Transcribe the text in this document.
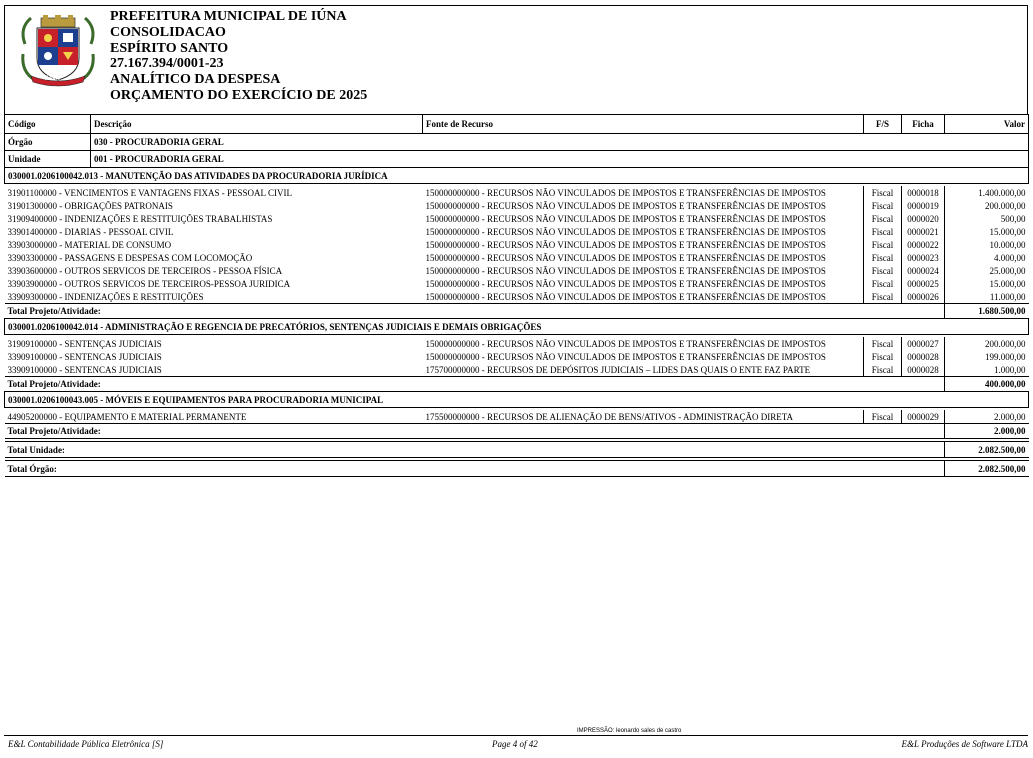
IÚNA
PREFEITURA MUNICIPAL DE IÚNA
CONSOLIDACAO
ESPÍRITO SANTO
27.167.394/0001-23
ANALÍTICO DA DESPESA
ORÇAMENTO DO EXERCÍCIO DE 2025
Código	Descrição	Fonte de Recurso	F/S	Ficha	Valor
Órgão	030 - PROCURADORIA GERAL				
Unidade	001 - PROCURADORIA GERAL				
030001.0206100042.013 - MANUTENÇÃO DAS ATIVIDADES DA PROCURADORIA JURÍDICA					

31901100000 - VENCIMENTOS E VANTAGENS FIXAS - PESSOAL CIVIL		150000000000 - RECURSOS NÃO VINCULADOS DE IMPOSTOS E TRANSFERÊNCIAS DE IMPOSTOS	Fiscal	0000018	1.400.000,00
31901300000 - OBRIGAÇÕES PATRONAIS		150000000000 - RECURSOS NÃO VINCULADOS DE IMPOSTOS E TRANSFERÊNCIAS DE IMPOSTOS	Fiscal	0000019	200.000,00
31909400000 - INDENIZAÇÕES E RESTITUIÇÕES TRABALHISTAS		150000000000 - RECURSOS NÃO VINCULADOS DE IMPOSTOS E TRANSFERÊNCIAS DE IMPOSTOS	Fiscal	0000020	500,00
33901400000 - DIARIAS - PESSOAL CIVIL		150000000000 - RECURSOS NÃO VINCULADOS DE IMPOSTOS E TRANSFERÊNCIAS DE IMPOSTOS	Fiscal	0000021	15.000,00
33903000000 - MATERIAL DE CONSUMO		150000000000 - RECURSOS NÃO VINCULADOS DE IMPOSTOS E TRANSFERÊNCIAS DE IMPOSTOS	Fiscal	0000022	10.000,00
33903300000 - PASSAGENS E DESPESAS COM LOCOMOÇÃO		150000000000 - RECURSOS NÃO VINCULADOS DE IMPOSTOS E TRANSFERÊNCIAS DE IMPOSTOS	Fiscal	0000023	4.000,00
33903600000 - OUTROS SERVICOS DE TERCEIROS - PESSOA FÍSICA		150000000000 - RECURSOS NÃO VINCULADOS DE IMPOSTOS E TRANSFERÊNCIAS DE IMPOSTOS	Fiscal	0000024	25.000,00
33903900000 - OUTROS SERVICOS DE TERCEIROS-PESSOA JURIDICA		150000000000 - RECURSOS NÃO VINCULADOS DE IMPOSTOS E TRANSFERÊNCIAS DE IMPOSTOS	Fiscal	0000025	15.000,00
33909300000 - INDENIZAÇÕES E RESTITUIÇÕES		150000000000 - RECURSOS NÃO VINCULADOS DE IMPOSTOS E TRANSFERÊNCIAS DE IMPOSTOS	Fiscal	0000026	11.000,00
Total Projeto/Atividade:					1.680.500,00
030001.0206100042.014 - ADMINISTRAÇÃO E REGENCIA DE PRECATÓRIOS, SENTENÇAS JUDICIAIS E DEMAIS OBRIGAÇÕES					

31909100000 - SENTENÇAS JUDICIAIS		150000000000 - RECURSOS NÃO VINCULADOS DE IMPOSTOS E TRANSFERÊNCIAS DE IMPOSTOS	Fiscal	0000027	200.000,00
33909100000 - SENTENCAS JUDICIAIS		150000000000 - RECURSOS NÃO VINCULADOS DE IMPOSTOS E TRANSFERÊNCIAS DE IMPOSTOS	Fiscal	0000028	199.000,00
33909100000 - SENTENCAS JUDICIAIS		175700000000 - RECURSOS DE DEPÓSITOS JUDICIAIS – LIDES DAS QUAIS O ENTE FAZ PARTE	Fiscal	0000028	1.000,00
Total Projeto/Atividade:					400.000,00
030001.0206100043.005 - MÓVEIS E EQUIPAMENTOS PARA PROCURADORIA MUNICIPAL					

44905200000 - EQUIPAMENTO E MATERIAL PERMANENTE		175500000000 - RECURSOS DE ALIENAÇÃO DE BENS/ATIVOS - ADMINISTRAÇÃO DIRETA	Fiscal	0000029	2.000,00
Total Projeto/Atividade:					2.000,00

Total Unidade:					2.082.500,00

Total Órgão:					2.082.500,00
IMPRESSÃO: leonardo sales de castro
E&L Contabilidade Pública Eletrônica [S]	Page 4 of 42	E&L Produções de Software LTDA
